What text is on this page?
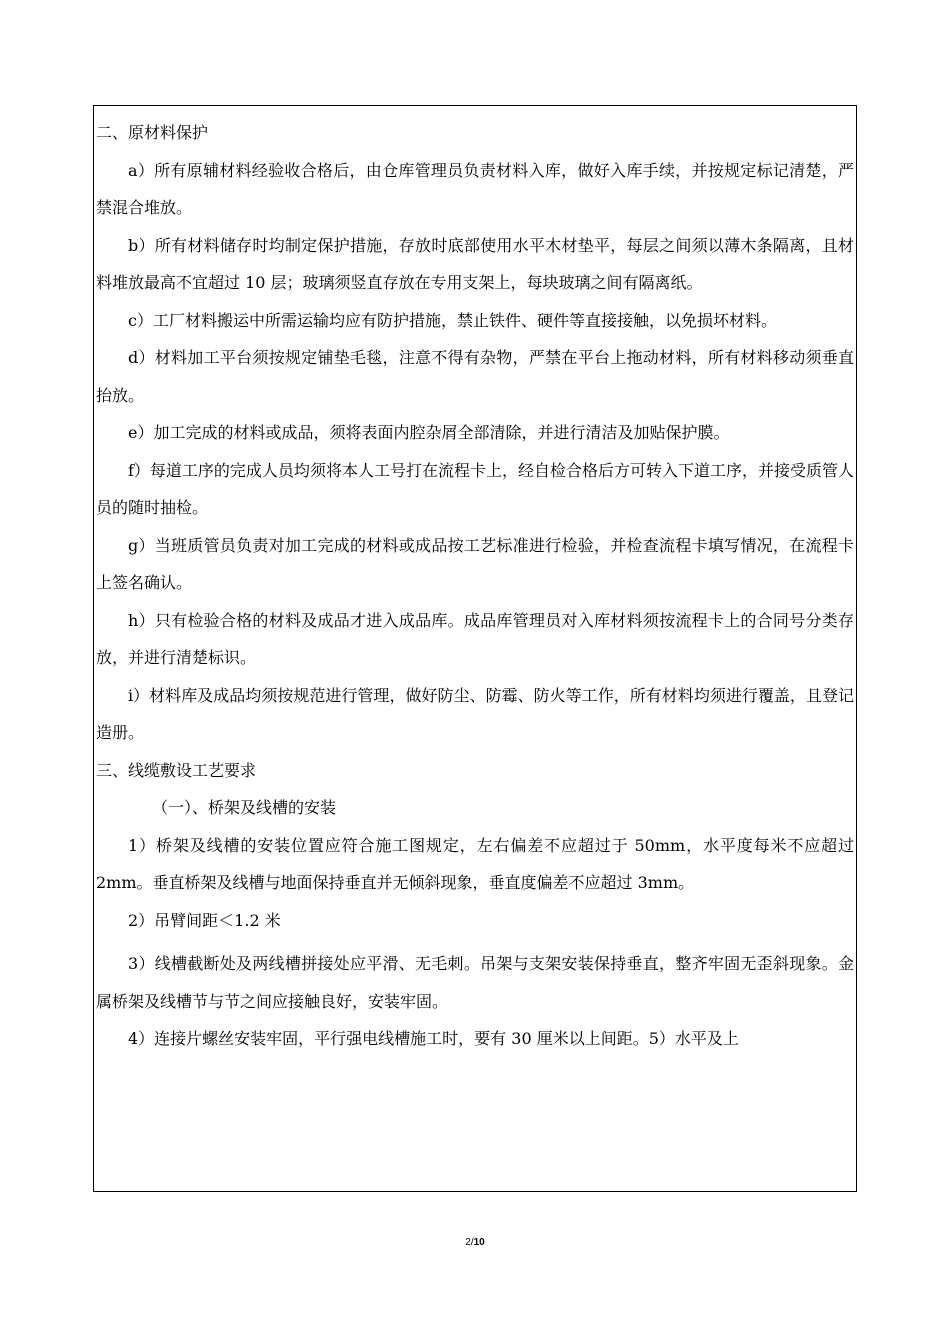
二、原材料保护

a）所有原辅材料经验收合格后，由仓库管理员负责材料入库，做好入库手续，并按规定标记清楚，严禁混合堆放。

b）所有材料储存时均制定保护措施，存放时底部使用水平木材垫平，每层之间须以薄木条隔离，且材料堆放最高不宜超过 10 层；玻璃须竖直存放在专用支架上，每块玻璃之间有隔离纸。

c）工厂材料搬运中所需运输均应有防护措施，禁止铁件、硬件等直接接触，以免损坏材料。

d）材料加工平台须按规定铺垫毛毯，注意不得有杂物，严禁在平台上拖动材料，所有材料移动须垂直抬放。

e）加工完成的材料或成品，须将表面内腔杂屑全部清除，并进行清洁及加贴保护膜。

f）每道工序的完成人员均须将本人工号打在流程卡上，经自检合格后方可转入下道工序，并接受质管人员的随时抽检。

g）当班质管员负责对加工完成的材料或成品按工艺标准进行检验，并检查流程卡填写情况，在流程卡上签名确认。

h）只有检验合格的材料及成品才进入成品库。成品库管理员对入库材料须按流程卡上的合同号分类存放，并进行清楚标识。

i）材料库及成品均须按规范进行管理，做好防尘、防霉、防火等工作，所有材料均须进行覆盖，且登记造册。

三、线缆敷设工艺要求

（一）、桥架及线槽的安装

1）桥架及线槽的安装位置应符合施工图规定，左右偏差不应超过于 50mm，水平度每米不应超过 2mm。垂直桥架及线槽与地面保持垂直并无倾斜现象，垂直度偏差不应超过 3mm。

2）吊臂间距＜1.2 米

3）线槽截断处及两线槽拼接处应平滑、无毛刺。吊架与支架安装保持垂直，整齐牢固无歪斜现象。金属桥架及线槽节与节之间应接触良好，安装牢固。

4）连接片螺丝安装牢固，平行强电线槽施工时，要有 30 厘米以上间距。5）水平及上

2/10
